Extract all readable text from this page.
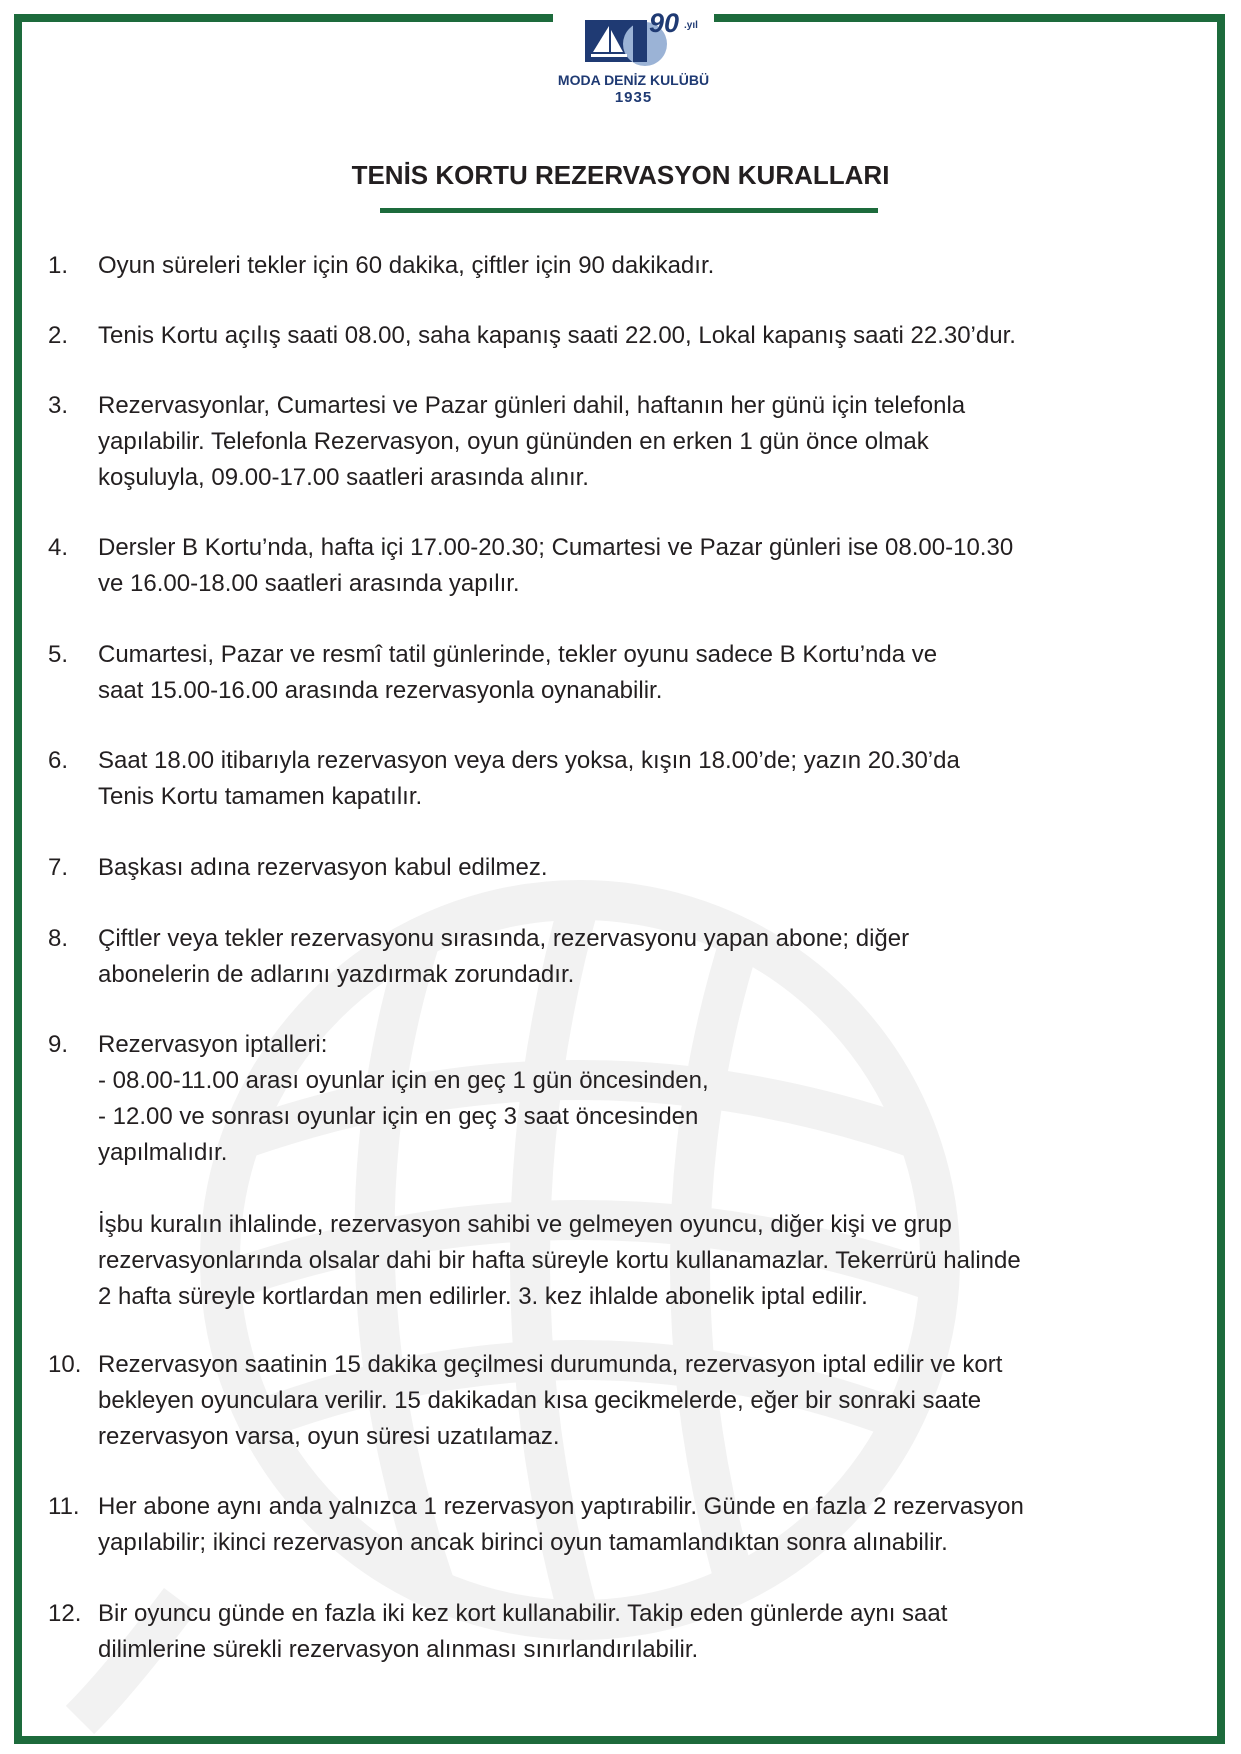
90 .yıl
MODA DENİZ KULÜBÜ
1935
TENİS KORTU REZERVASYON KURALLARI
1.	Oyun süreleri tekler için 60 dakika, çiftler için 90 dakikadır.
2.	Tenis Kortu açılış saati 08.00, saha kapanış saati 22.00, Lokal kapanış saati 22.30’dur.
3.	Rezervasyonlar, Cumartesi ve Pazar günleri dahil, haftanın her günü için telefonla
yapılabilir. Telefonla Rezervasyon, oyun gününden en erken 1 gün önce olmak
koşuluyla, 09.00-17.00 saatleri arasında alınır.
4.	Dersler B Kortu’nda, hafta içi 17.00-20.30; Cumartesi ve Pazar günleri ise 08.00-10.30
ve 16.00-18.00 saatleri arasında yapılır.
5.	Cumartesi, Pazar ve resmî tatil günlerinde, tekler oyunu sadece B Kortu’nda ve
saat 15.00-16.00 arasında rezervasyonla oynanabilir.
6.	Saat 18.00 itibarıyla rezervasyon veya ders yoksa, kışın 18.00’de; yazın 20.30’da
Tenis Kortu tamamen kapatılır.
7.	Başkası adına rezervasyon kabul edilmez.
8.	Çiftler veya tekler rezervasyonu sırasında, rezervasyonu yapan abone; diğer
abonelerin de adlarını yazdırmak zorundadır.
9.	Rezervasyon iptalleri:
- 08.00-11.00 arası oyunlar için en geç 1 gün öncesinden,
- 12.00 ve sonrası oyunlar için en geç 3 saat öncesinden
yapılmalıdır.
İşbu kuralın ihlalinde, rezervasyon sahibi ve gelmeyen oyuncu, diğer kişi ve grup
rezervasyonlarında olsalar dahi bir hafta süreyle kortu kullanamazlar. Tekerrürü halinde
2 hafta süreyle kortlardan men edilirler. 3. kez ihlalde abonelik iptal edilir.
10. Rezervasyon saatinin 15 dakika geçilmesi durumunda, rezervasyon iptal edilir ve kort
bekleyen oyunculara verilir. 15 dakikadan kısa gecikmelerde, eğer bir sonraki saate
rezervasyon varsa, oyun süresi uzatılamaz.
11. Her abone aynı anda yalnızca 1 rezervasyon yaptırabilir. Günde en fazla 2 rezervasyon
yapılabilir; ikinci rezervasyon ancak birinci oyun tamamlandıktan sonra alınabilir.
12. Bir oyuncu günde en fazla iki kez kort kullanabilir. Takip eden günlerde aynı saat
dilimlerine sürekli rezervasyon alınması sınırlandırılabilir.
